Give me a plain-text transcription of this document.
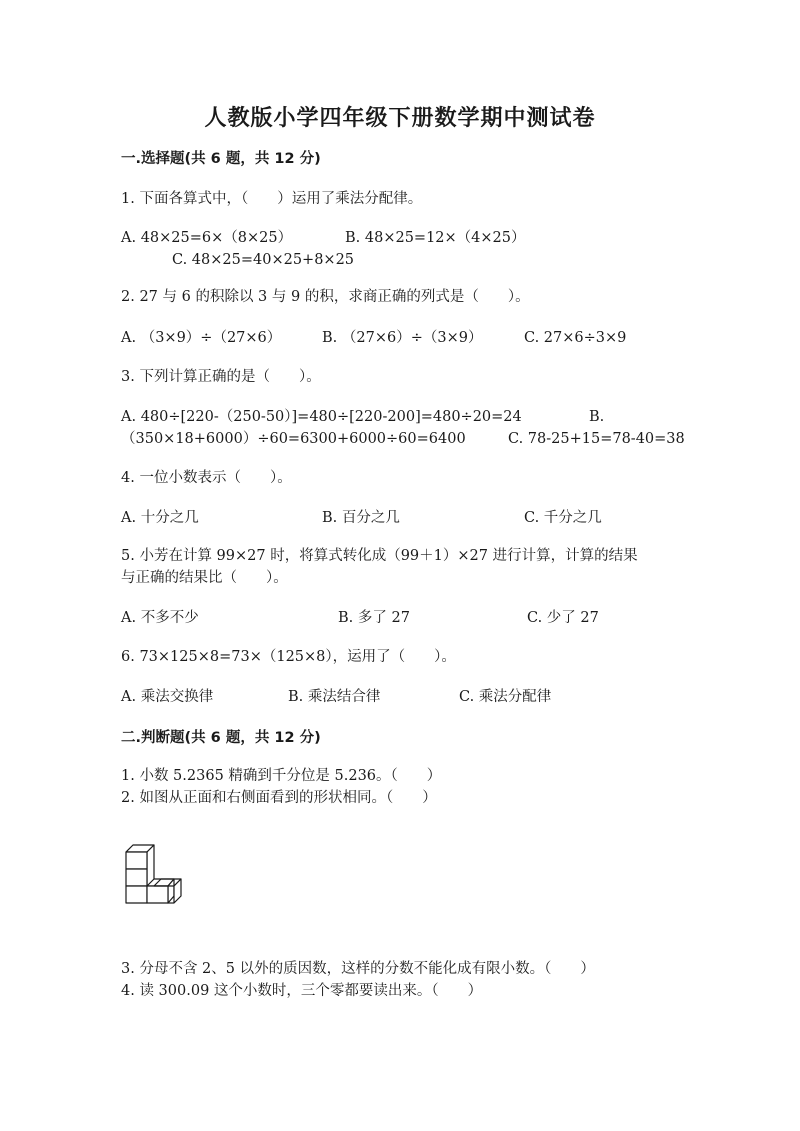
人教版小学四年级下册数学期中测试卷
一.选择题(共 6 题，共 12 分)
1. 下面各算式中，（　　）运用了乘法分配律。
A. 48×25=6×（8×25）	B. 48×25=12×（4×25）
C. 48×25=40×25+8×25
2. 27 与 6 的积除以 3 与 9 的积，求商正确的列式是（　　）。
A. （3×9）÷（27×6）	B. （27×6）÷（3×9）	C. 27×6÷3×9
3. 下列计算正确的是（　　）。
A. 480÷[220-（250-50）]=480÷[220-200]=480÷20=24	B.
（350×18+6000）÷60=6300+6000÷60=6400	C. 78-25+15=78-40=38
4. 一位小数表示（　　）。
A. 十分之几	B. 百分之几	C. 千分之几
5. 小芳在计算 99×27 时，将算式转化成（99＋1）×27 进行计算，计算的结果
与正确的结果比（　　）。
A. 不多不少	B. 多了 27	C. 少了 27
6. 73×125×8=73×（125×8），运用了（　　）。
A. 乘法交换律	B. 乘法结合律	C. 乘法分配律
二.判断题(共 6 题，共 12 分)
1. 小数 5.2365 精确到千分位是 5.236。（　　）
2. 如图从正面和右侧面看到的形状相同。（　　）
3. 分母不含 2、5 以外的质因数，这样的分数不能化成有限小数。（　　）
4. 读 300.09 这个小数时，三个零都要读出来。（　　）
